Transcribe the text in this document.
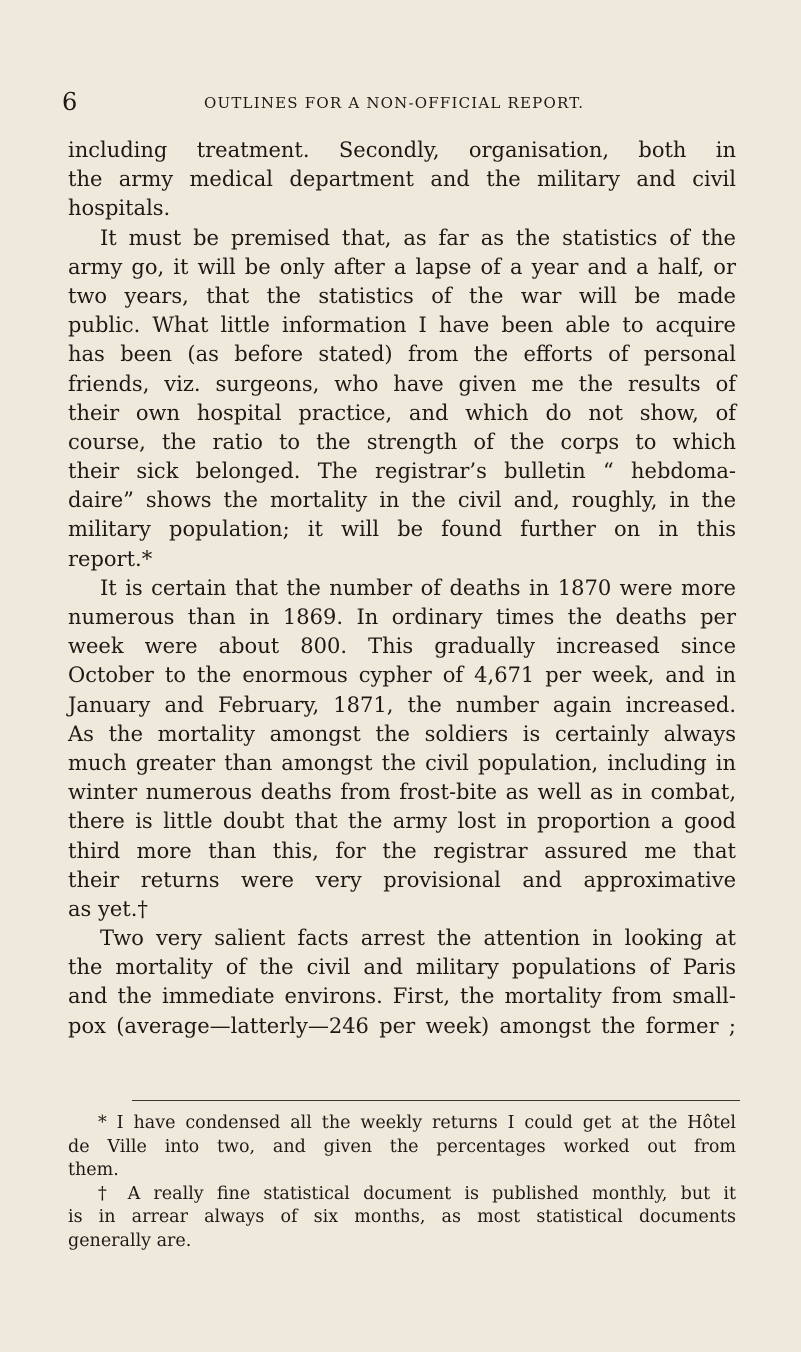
6	OUTLINES FOR A NON-OFFICIAL REPORT.
including treatment. Secondly, organisation, both in
the army medical department and the military and civil
hospitals.
It must be premised that, as far as the statistics of the
army go, it will be only after a lapse of a year and a half, or
two years, that the statistics of the war will be made
public. What little information I have been able to acquire
has been (as before stated) from the efforts of personal
friends, viz. surgeons, who have given me the results of
their own hospital practice, and which do not show, of
course, the ratio to the strength of the corps to which
their sick belonged. The registrar’s bulletin “ hebdoma-
daire” shows the mortality in the civil and, roughly, in the
military population; it will be found further on in this
report.*
It is certain that the number of deaths in 1870 were more
numerous than in 1869. In ordinary times the deaths per
week were about 800. This gradually increased since
October to the enormous cypher of 4,671 per week, and in
January and February, 1871, the number again increased.
As the mortality amongst the soldiers is certainly always
much greater than amongst the civil population, including in
winter numerous deaths from frost-bite as well as in combat,
there is little doubt that the army lost in proportion a good
third more than this, for the registrar assured me that
their returns were very provisional and approximative
as yet.†
Two very salient facts arrest the attention in looking at
the mortality of the civil and military populations of Paris
and the immediate environs. First, the mortality from small-
pox (average—latterly—246 per week) amongst the former ;
* I have condensed all the weekly returns I could get at the Hôtel
de Ville into two, and given the percentages worked out from
them.
† A really fine statistical document is published monthly, but it
is in arrear always of six months, as most statistical documents
generally are.
